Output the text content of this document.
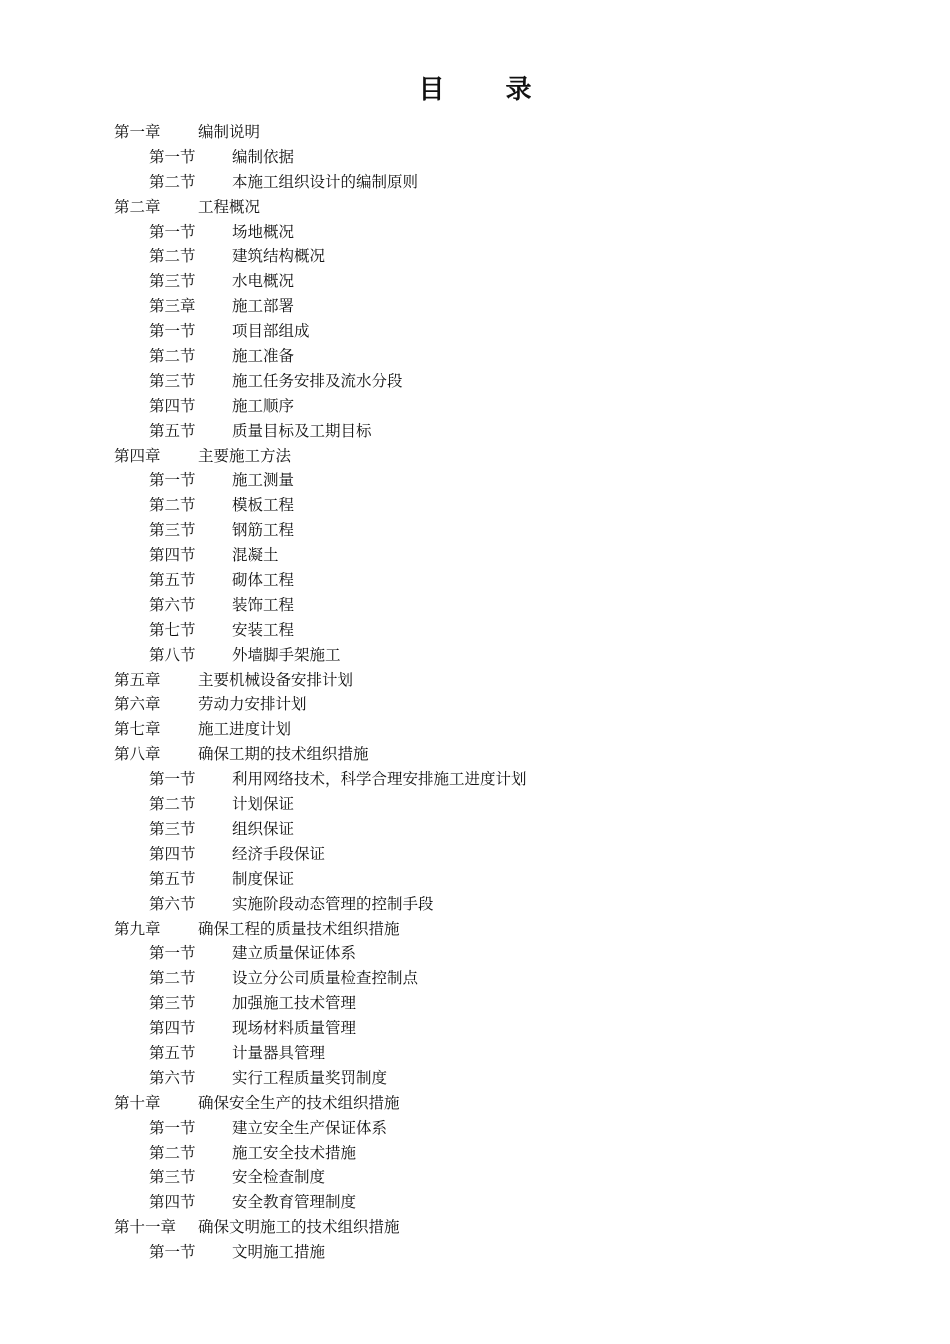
目 录
第一章 编制说明
第一节 编制依据
第二节 本施工组织设计的编制原则
第二章 工程概况
第一节 场地概况
第二节 建筑结构概况
第三节 水电概况
第三章 施工部署
第一节 项目部组成
第二节 施工准备
第三节 施工任务安排及流水分段
第四节 施工顺序
第五节 质量目标及工期目标
第四章 主要施工方法
第一节 施工测量
第二节 模板工程
第三节 钢筋工程
第四节 混凝土
第五节 砌体工程
第六节 装饰工程
第七节 安装工程
第八节 外墙脚手架施工
第五章 主要机械设备安排计划
第六章 劳动力安排计划
第七章 施工进度计划
第八章 确保工期的技术组织措施
第一节 利用网络技术，科学合理安排施工进度计划
第二节 计划保证
第三节 组织保证
第四节 经济手段保证
第五节 制度保证
第六节 实施阶段动态管理的控制手段
第九章 确保工程的质量技术组织措施
第一节 建立质量保证体系
第二节 设立分公司质量检查控制点
第三节 加强施工技术管理
第四节 现场材料质量管理
第五节 计量器具管理
第六节 实行工程质量奖罚制度
第十章 确保安全生产的技术组织措施
第一节 建立安全生产保证体系
第二节 施工安全技术措施
第三节 安全检查制度
第四节 安全教育管理制度
第十一章 确保文明施工的技术组织措施
第一节 文明施工措施
